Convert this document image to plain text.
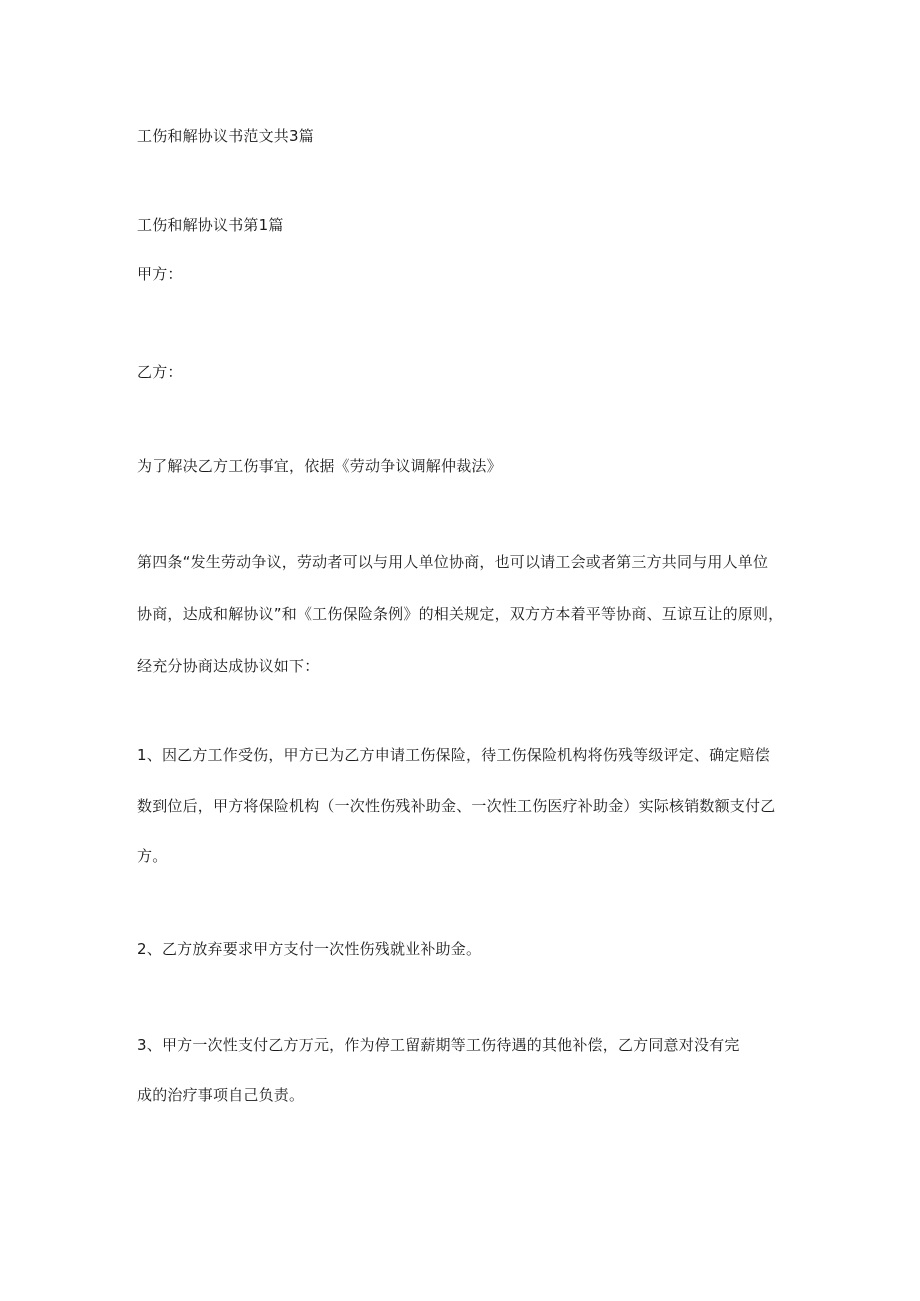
工伤和解协议书范文共3篇
工伤和解协议书第1篇
甲方：
乙方：
为了解决乙方工伤事宜，依据《劳动争议调解仲裁法》
第四条“发生劳动争议，劳动者可以与用人单位协商，也可以请工会或者第三方共同与用人单位
协商，达成和解协议”和《工伤保险条例》的相关规定，双方方本着平等协商、互谅互让的原则，
经充分协商达成协议如下：
1、因乙方工作受伤，甲方已为乙方申请工伤保险，待工伤保险机构将伤残等级评定、确定赔偿
数到位后，甲方将保险机构（一次性伤残补助金、一次性工伤医疗补助金）实际核销数额支付乙
方。
2、乙方放弃要求甲方支付一次性伤残就业补助金。
3、甲方一次性支付乙方万元，作为停工留薪期等工伤待遇的其他补偿，乙方同意对没有完
成的治疗事项自己负责。
